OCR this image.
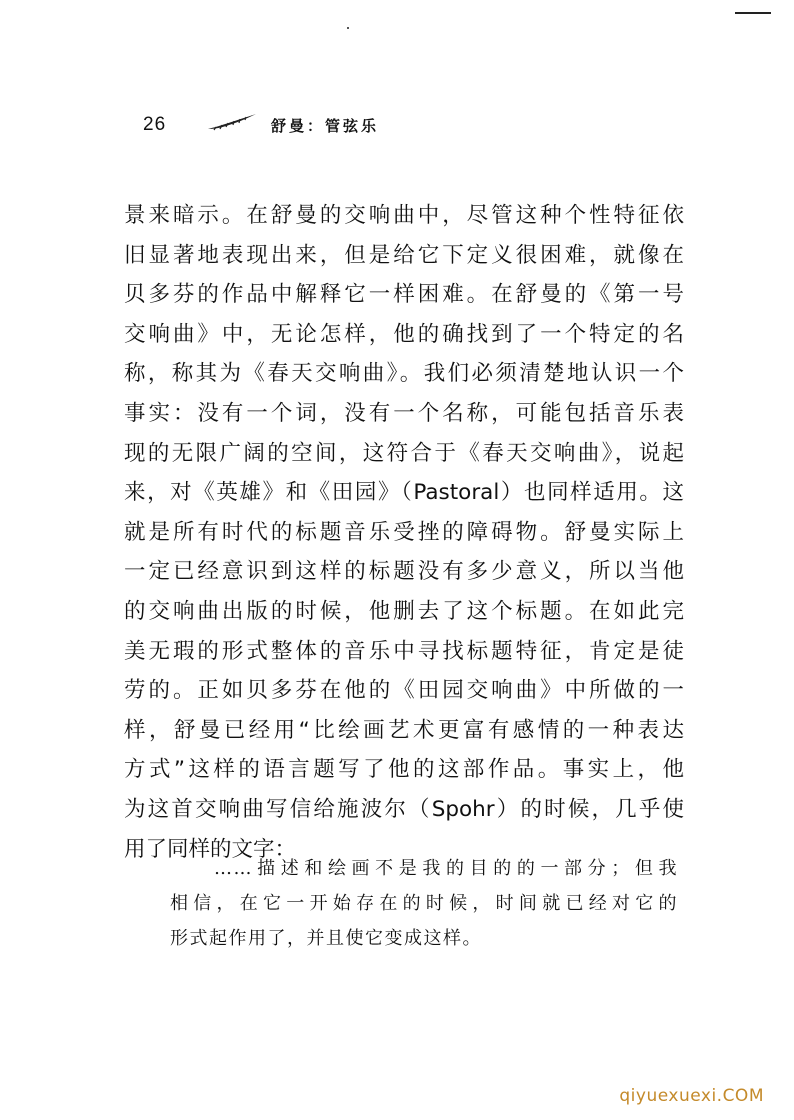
26	舒曼：管弦乐
景来暗示。在舒曼的交响曲中，尽管这种个性特征依
旧显著地表现出来，但是给它下定义很困难，就像在
贝多芬的作品中解释它一样困难。在舒曼的《第一号
交响曲》中，无论怎样，他的确找到了一个特定的名
称，称其为《春天交响曲》。我们必须清楚地认识一个
事实：没有一个词，没有一个名称，可能包括音乐表
现的无限广阔的空间，这符合于《春天交响曲》，说起
来，对《英雄》和《田园》（Pastoral）也同样适用。这
就是所有时代的标题音乐受挫的障碍物。舒曼实际上
一定已经意识到这样的标题没有多少意义，所以当他
的交响曲出版的时候，他删去了这个标题。在如此完
美无瑕的形式整体的音乐中寻找标题特征，肯定是徒
劳的。正如贝多芬在他的《田园交响曲》中所做的一
样，舒曼已经用“比绘画艺术更富有感情的一种表达
方式”这样的语言题写了他的这部作品。事实上，他
为这首交响曲写信给施波尔（Spohr）的时候，几乎使
用了同样的文字：
……描述和绘画不是我的目的的一部分；但我
相信，在它一开始存在的时候，时间就已经对它的
形式起作用了，并且使它变成这样。
qiyuexuexi.COM
